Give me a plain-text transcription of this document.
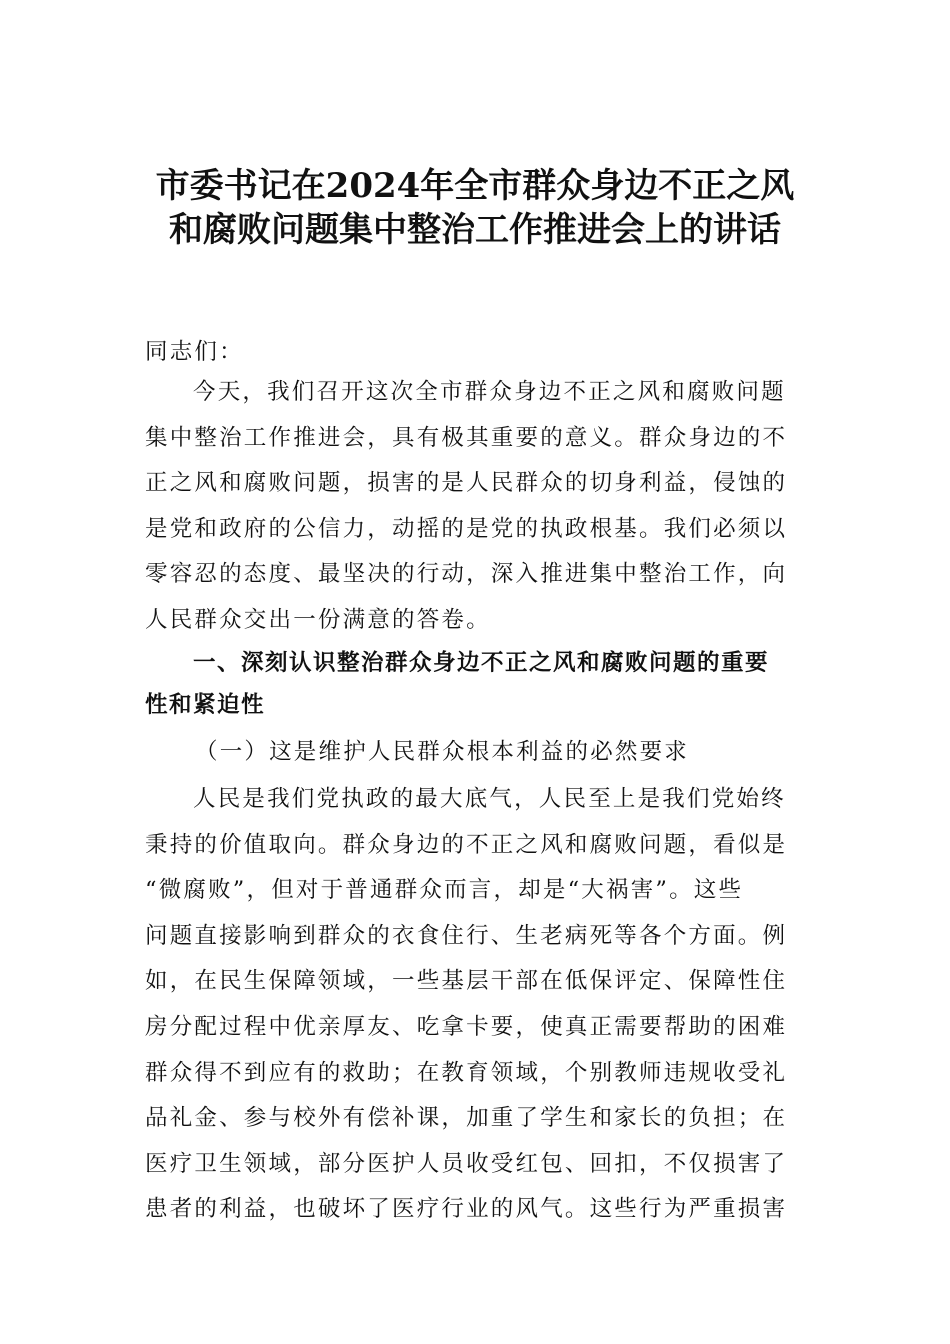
市委书记在2024年全市群众身边不正之风
和腐败问题集中整治工作推进会上的讲话
同志们：
今天，我们召开这次全市群众身边不正之风和腐败问题
集中整治工作推进会，具有极其重要的意义。群众身边的不
正之风和腐败问题，损害的是人民群众的切身利益，侵蚀的
是党和政府的公信力，动摇的是党的执政根基。我们必须以
零容忍的态度、最坚决的行动，深入推进集中整治工作，向
人民群众交出一份满意的答卷。
一、深刻认识整治群众身边不正之风和腐败问题的重要
性和紧迫性
（一）这是维护人民群众根本利益的必然要求
人民是我们党执政的最大底气，人民至上是我们党始终
秉持的价值取向。群众身边的不正之风和腐败问题，看似是
“微腐败”，但对于普通群众而言，却是“大祸害”。这些
问题直接影响到群众的衣食住行、生老病死等各个方面。例
如，在民生保障领域，一些基层干部在低保评定、保障性住
房分配过程中优亲厚友、吃拿卡要，使真正需要帮助的困难
群众得不到应有的救助；在教育领域，个别教师违规收受礼
品礼金、参与校外有偿补课，加重了学生和家长的负担；在
医疗卫生领域，部分医护人员收受红包、回扣，不仅损害了
患者的利益，也破坏了医疗行业的风气。这些行为严重损害
